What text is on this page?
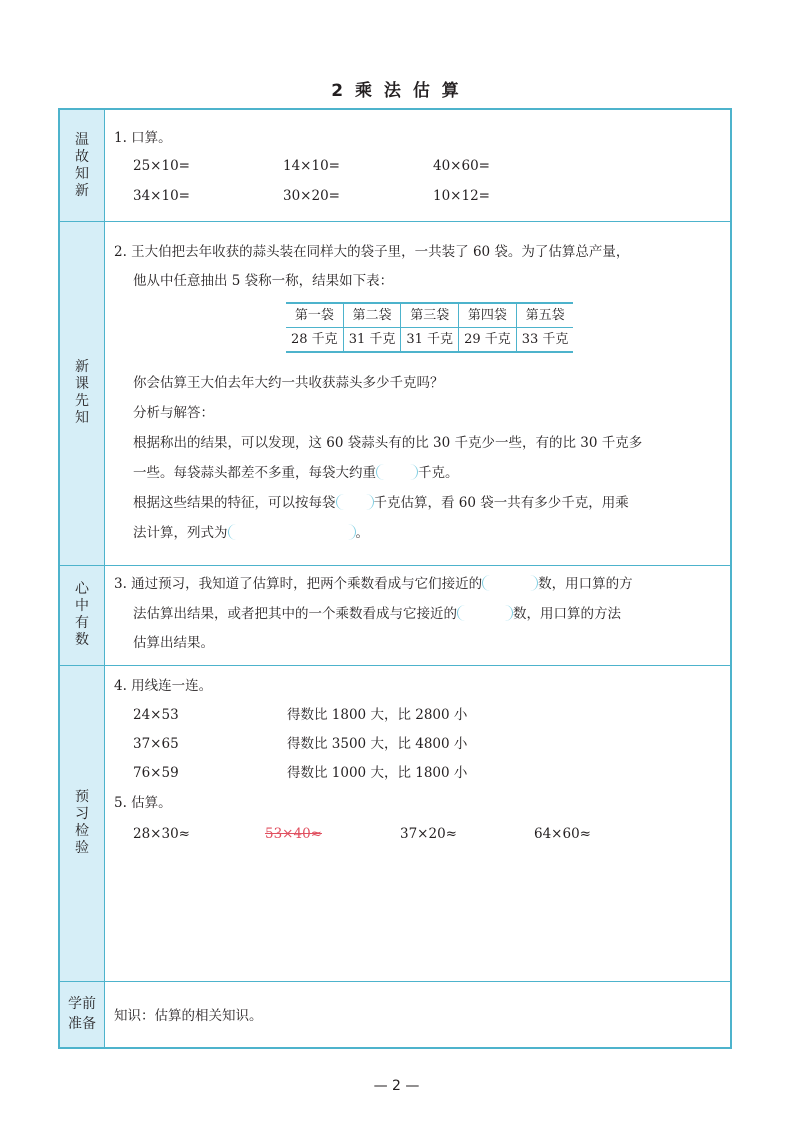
2 乘 法 估 算
温
故
知
新
新
课
先
知
心
中
有
数
预
习
检
验
学前
准备
1. 口算。
25×10=	14×10=	40×60=
34×10=	30×20=	10×12=
2. 王大伯把去年收获的蒜头装在同样大的袋子里，一共装了 60 袋。为了估算总产量，
他从中任意抽出 5 袋称一称，结果如下表：
第一袋	第二袋	第三袋	第四袋	第五袋
28 千克	31 千克	31 千克	29 千克	33 千克
你会估算王大伯去年大约一共收获蒜头多少千克吗？
分析与解答：
根据称出的结果，可以发现，这 60 袋蒜头有的比 30 千克少一些，有的比 30 千克多
一些。每袋蒜头都差不多重，每袋大约重	千克。
根据这些结果的特征，可以按每袋	千克估算，看 60 袋一共有多少千克，用乘
法计算，列式为	。
3. 通过预习，我知道了估算时，把两个乘数看成与它们接近的	数，用口算的方
法估算出结果，或者把其中的一个乘数看成与它接近的	数，用口算的方法
估算出结果。
4. 用线连一连。
24×53	得数比 1800 大，比 2800 小
37×65	得数比 3500 大，比 4800 小
76×59	得数比 1000 大，比 1800 小
5. 估算。
28×30≈	53×40≈	37×20≈	64×60≈
知识：估算的相关知识。
— 2 —
